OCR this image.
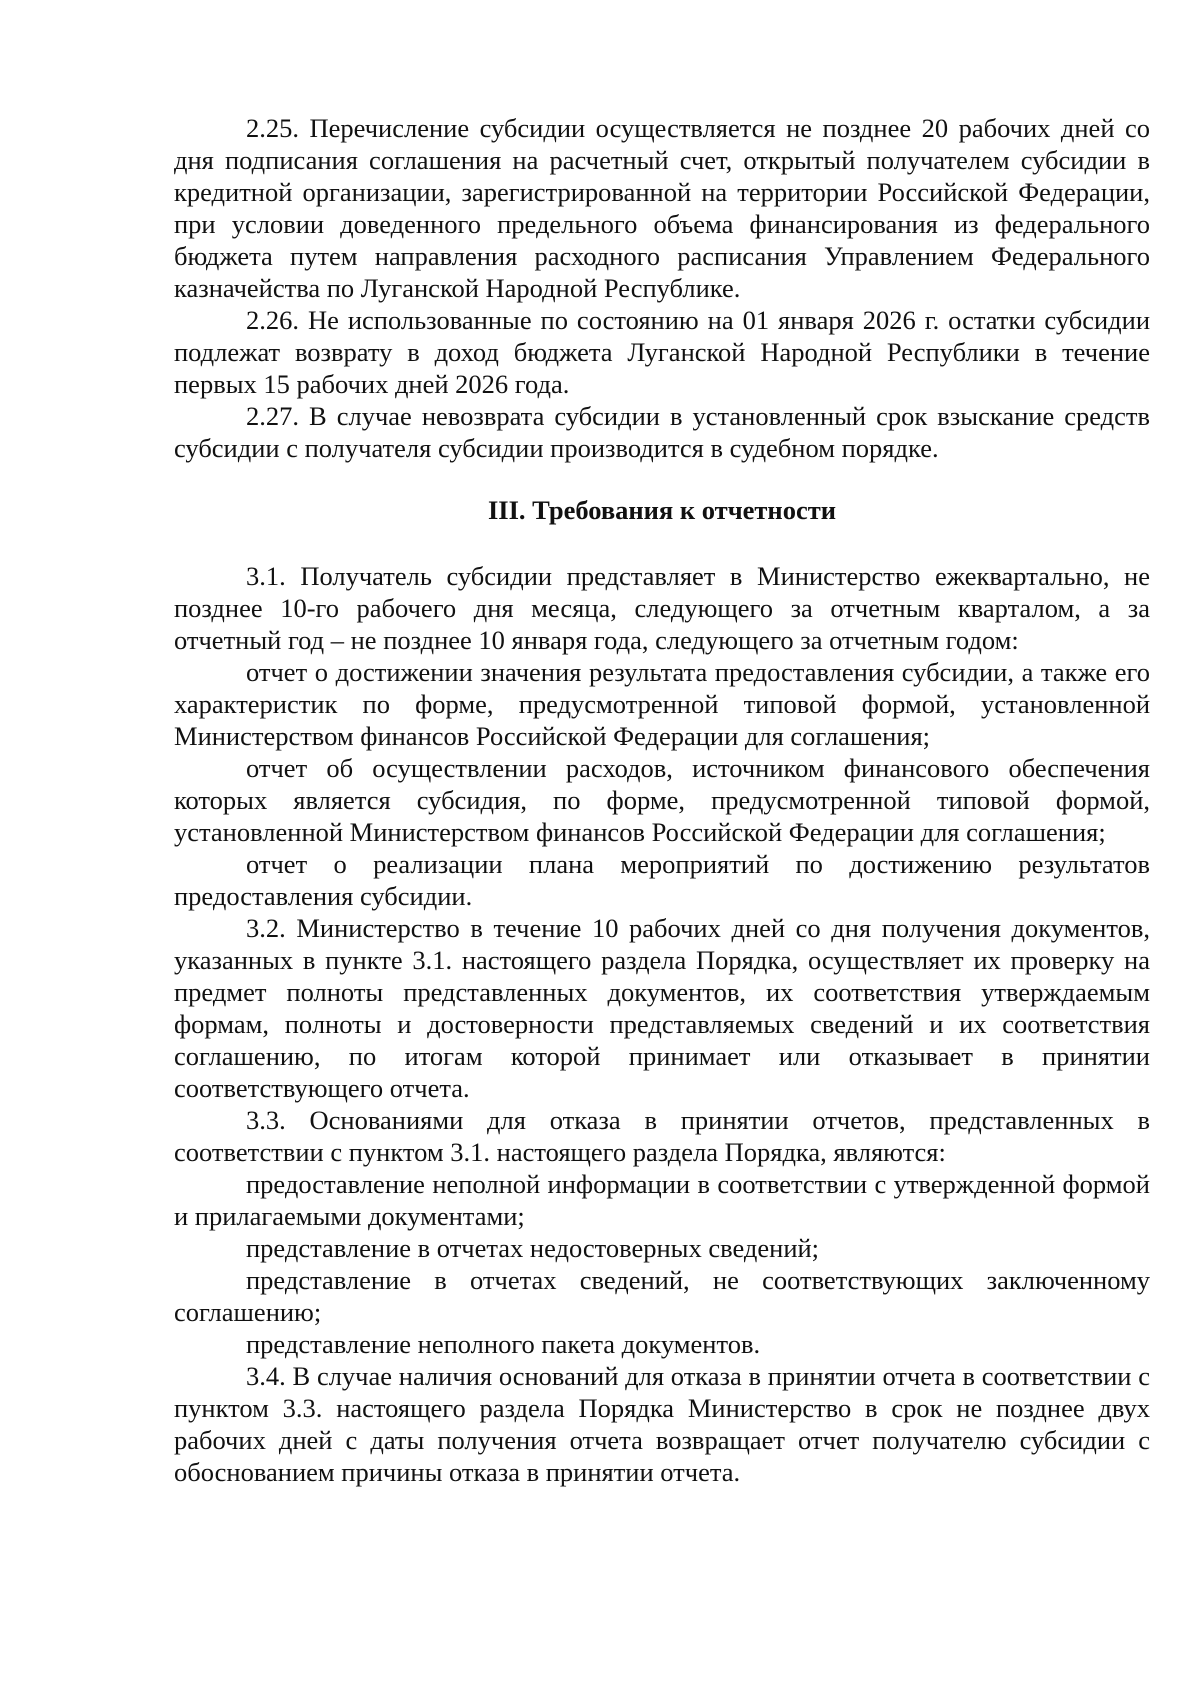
2.25. Перечисление субсидии осуществляется не позднее 20 рабочих дней со дня подписания соглашения на расчетный счет, открытый получателем субсидии в кредитной организации, зарегистрированной на территории Российской Федерации, при условии доведенного предельного объема финансирования из федерального бюджета путем направления расходного расписания Управлением Федерального казначейства по Луганской Народной Республике.

2.26. Не использованные по состоянию на 01 января 2026 г. остатки субсидии подлежат возврату в доход бюджета Луганской Народной Республики в течение первых 15 рабочих дней 2026 года.

2.27. В случае невозврата субсидии в установленный срок взыскание средств субсидии с получателя субсидии производится в судебном порядке.

III. Требования к отчетности

3.1. Получатель субсидии представляет в Министерство ежеквартально, не позднее 10-го рабочего дня месяца, следующего за отчетным кварталом, а за отчетный год – не позднее 10 января года, следующего за отчетным годом:

отчет о достижении значения результата предоставления субсидии, а также его характеристик по форме, предусмотренной типовой формой, установленной Министерством финансов Российской Федерации для соглашения;

отчет об осуществлении расходов, источником финансового обеспечения которых является субсидия, по форме, предусмотренной типовой формой, установленной Министерством финансов Российской Федерации для соглашения;

отчет о реализации плана мероприятий по достижению результатов предоставления субсидии.

3.2. Министерство в течение 10 рабочих дней со дня получения документов, указанных в пункте 3.1. настоящего раздела Порядка, осуществляет их проверку на предмет полноты представленных документов, их соответствия утверждаемым формам, полноты и достоверности представляемых сведений и их соответствия соглашению, по итогам которой принимает или отказывает в принятии соответствующего отчета.

3.3. Основаниями для отказа в принятии отчетов, представленных в соответствии с пунктом 3.1. настоящего раздела Порядка, являются:

предоставление неполной информации в соответствии с утвержденной формой и прилагаемыми документами;

представление в отчетах недостоверных сведений;

представление в отчетах сведений, не соответствующих заключенному соглашению;

представление неполного пакета документов.

3.4. В случае наличия оснований для отказа в принятии отчета в соответствии с пунктом 3.3. настоящего раздела Порядка Министерство в срок не позднее двух рабочих дней с даты получения отчета возвращает отчет получателю субсидии с обоснованием причины отказа в принятии отчета.
